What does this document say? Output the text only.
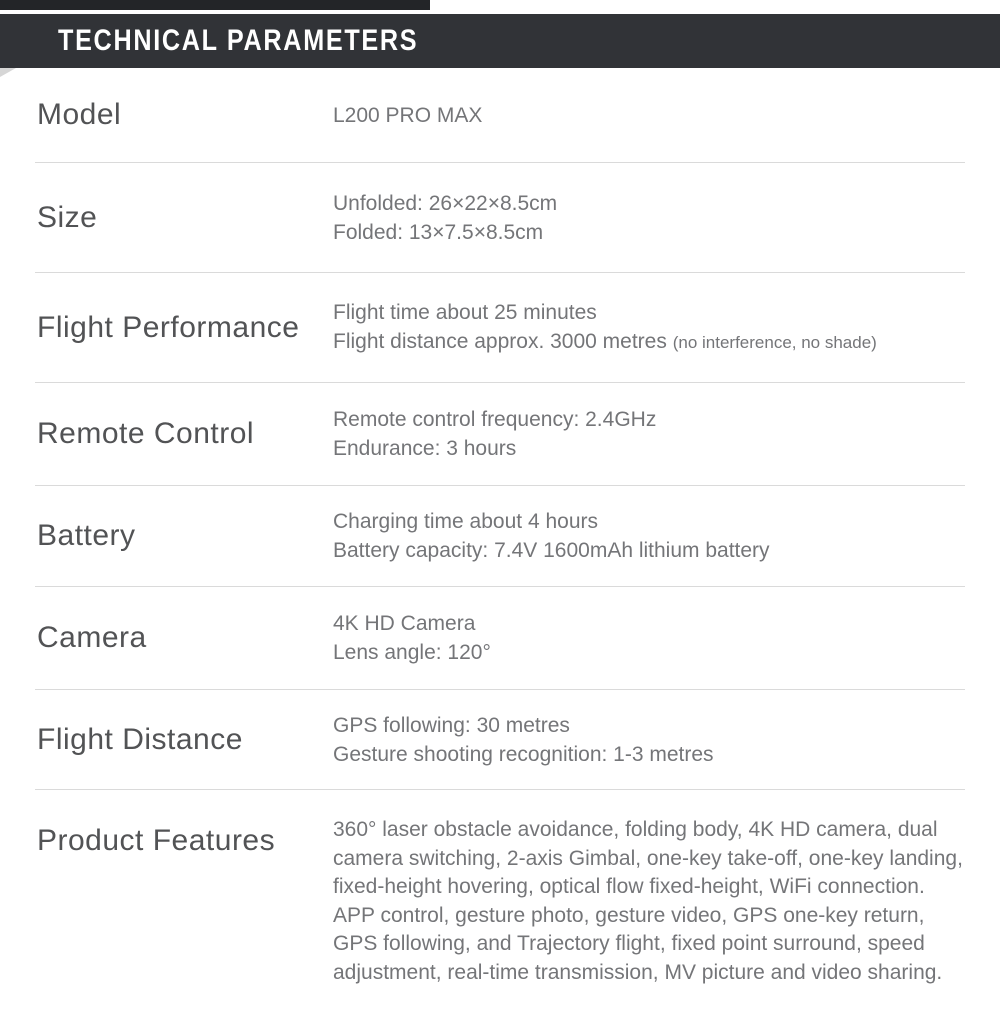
TECHNICAL PARAMETERS
Model	L200 PRO MAX
Size	Unfolded: 26×22×8.5cm
Folded: 13×7.5×8.5cm
Flight Performance	Flight time about 25 minutes
Flight distance approx. 3000 metres (no interference, no shade)
Remote Control	Remote control frequency: 2.4GHz
Endurance: 3 hours
Battery	Charging time about 4 hours
Battery capacity: 7.4V 1600mAh lithium battery
Camera	4K HD Camera
Lens angle: 120°
Flight Distance	GPS following: 30 metres
Gesture shooting recognition: 1-3 metres
Product Features	360° laser obstacle avoidance, folding body, 4K HD camera, dual camera switching, 2-axis Gimbal, one-key take-off, one-key landing, fixed-height hovering, optical flow fixed-height, WiFi connection. APP control, gesture photo, gesture video, GPS one-key return, GPS following, and Trajectory flight, fixed point surround, speed adjustment, real-time transmission, MV picture and video sharing.
